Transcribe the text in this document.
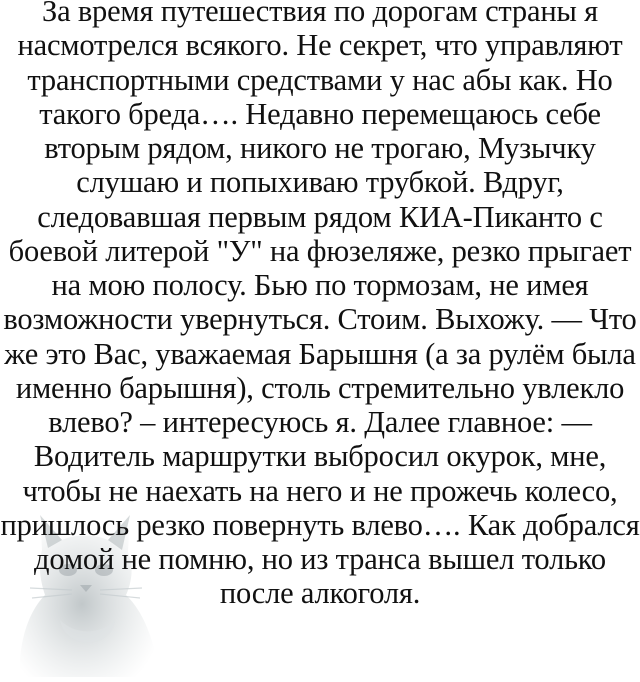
За время путешествия по дорогам страны я
насмотрелся всякого. Не секрет, что управляют
транспортными средствами у нас абы как. Но
такого бреда…. Недавно перемещаюсь себе
вторым рядом, никого не трогаю, Музычку
слушаю и попыхиваю трубкой. Вдруг,
следовавшая первым рядом КИА-Пиканто с
боевой литерой "У" на фюзеляже, резко прыгает
на мою полосу. Бью по тормозам, не имея
возможности увернуться. Стоим. Выхожу. — Что
же это Вас, уважаемая Барышня (а за рулём была
именно барышня), столь стремительно увлекло
влево? – интересуюсь я. Далее главное: —
Водитель маршрутки выбросил окурок, мне,
чтобы не наехать на него и не прожечь колесо,
пришлось резко повернуть влево…. Как добрался
домой не помню, но из транса вышел только
после алкоголя.
